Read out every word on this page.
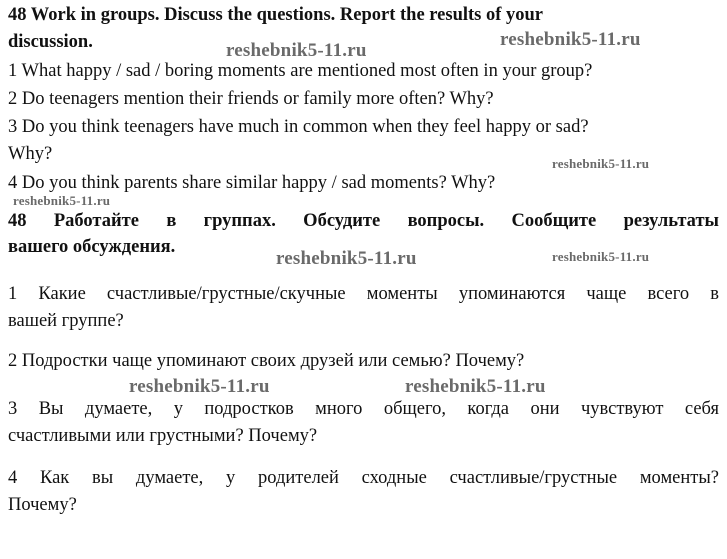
48 Work in groups. Discuss the questions. Report the results of your
discussion.
1 What happy / sad / boring moments are mentioned most often in your group?
2 Do teenagers mention their friends or family more often? Why?
3 Do you think teenagers have much in common when they feel happy or sad?
Why?
4 Do you think parents share similar happy / sad moments? Why?
48 Работайте в группах. Обсудите вопросы. Сообщите результаты
вашего обсуждения.
1 Какие счастливые/грустные/скучные моменты упоминаются чаще всего в
вашей группе?
2 Подростки чаще упоминают своих друзей или семью? Почему?
3 Вы думаете, у подростков много общего, когда они чувствуют себя
счастливыми или грустными? Почему?
4 Как вы думаете, у родителей сходные счастливые/грустные моменты?
Почему?
reshebnik5-11.ru
reshebnik5-11.ru
reshebnik5-11.ru
reshebnik5-11.ru
reshebnik5-11.ru	reshebnik5-11.ru
reshebnik5-11.ru	reshebnik5-11.ru
